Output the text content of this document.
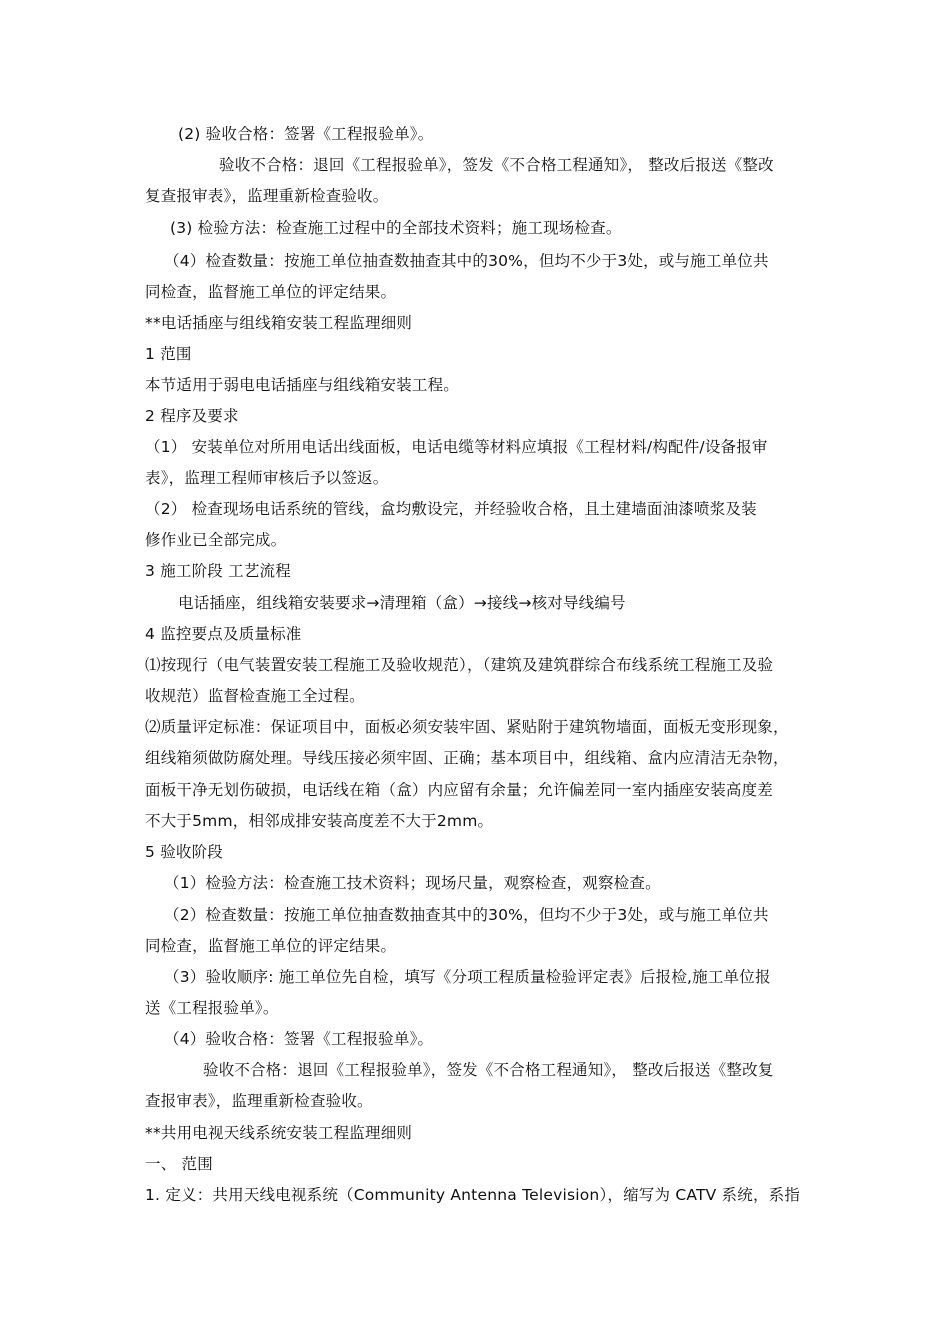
(2) 验收合格：签署《工程报验单》。
验收不合格：退回《工程报验单》，签发《不合格工程通知》， 整改后报送《整改
复查报审表》，监理重新检查验收。
(3) 检验方法：检查施工过程中的全部技术资料；施工现场检查。
（4）检查数量：按施工单位抽查数抽查其中的30%，但均不少于3处，或与施工单位共
同检查，监督施工单位的评定结果。
**电话插座与组线箱安装工程监理细则
1 范围
本节适用于弱电电话插座与组线箱安装工程。
2 程序及要求
（1） 安装单位对所用电话出线面板，电话电缆等材料应填报《工程材料/构配件/设备报审
表》，监理工程师审核后予以签返。
（2） 检查现场电话系统的管线，盒均敷设完，并经验收合格，且土建墙面油漆喷浆及装
修作业已全部完成。
3 施工阶段 工艺流程
电话插座，组线箱安装要求→清理箱（盒）→接线→核对导线编号
4 监控要点及质量标准
⑴按现行（电气装置安装工程施工及验收规范），（建筑及建筑群综合布线系统工程施工及验
收规范）监督检查施工全过程。
⑵质量评定标准：保证项目中，面板必须安装牢固、紧贴附于建筑物墙面，面板无变形现象，
组线箱须做防腐处理。导线压接必须牢固、正确；基本项目中，组线箱、盒内应清洁无杂物，
面板干净无划伤破损，电话线在箱（盒）内应留有余量；允许偏差同一室内插座安装高度差
不大于5mm，相邻成排安装高度差不大于2mm。
5 验收阶段
（1）检验方法：检查施工技术资料；现场尺量，观察检查，观察检查。
（2）检查数量：按施工单位抽查数抽查其中的30%，但均不少于3处，或与施工单位共
同检查，监督施工单位的评定结果。
（3）验收顺序: 施工单位先自检，填写《分项工程质量检验评定表》后报检,施工单位报
送《工程报验单》。
（4）验收合格：签署《工程报验单》。
验收不合格：退回《工程报验单》，签发《不合格工程通知》， 整改后报送《整改复
查报审表》，监理重新检查验收。
**共用电视天线系统安装工程监理细则
一、 范围
1. 定义：共用天线电视系统（Community Antenna Television），缩写为 CATV 系统，系指
